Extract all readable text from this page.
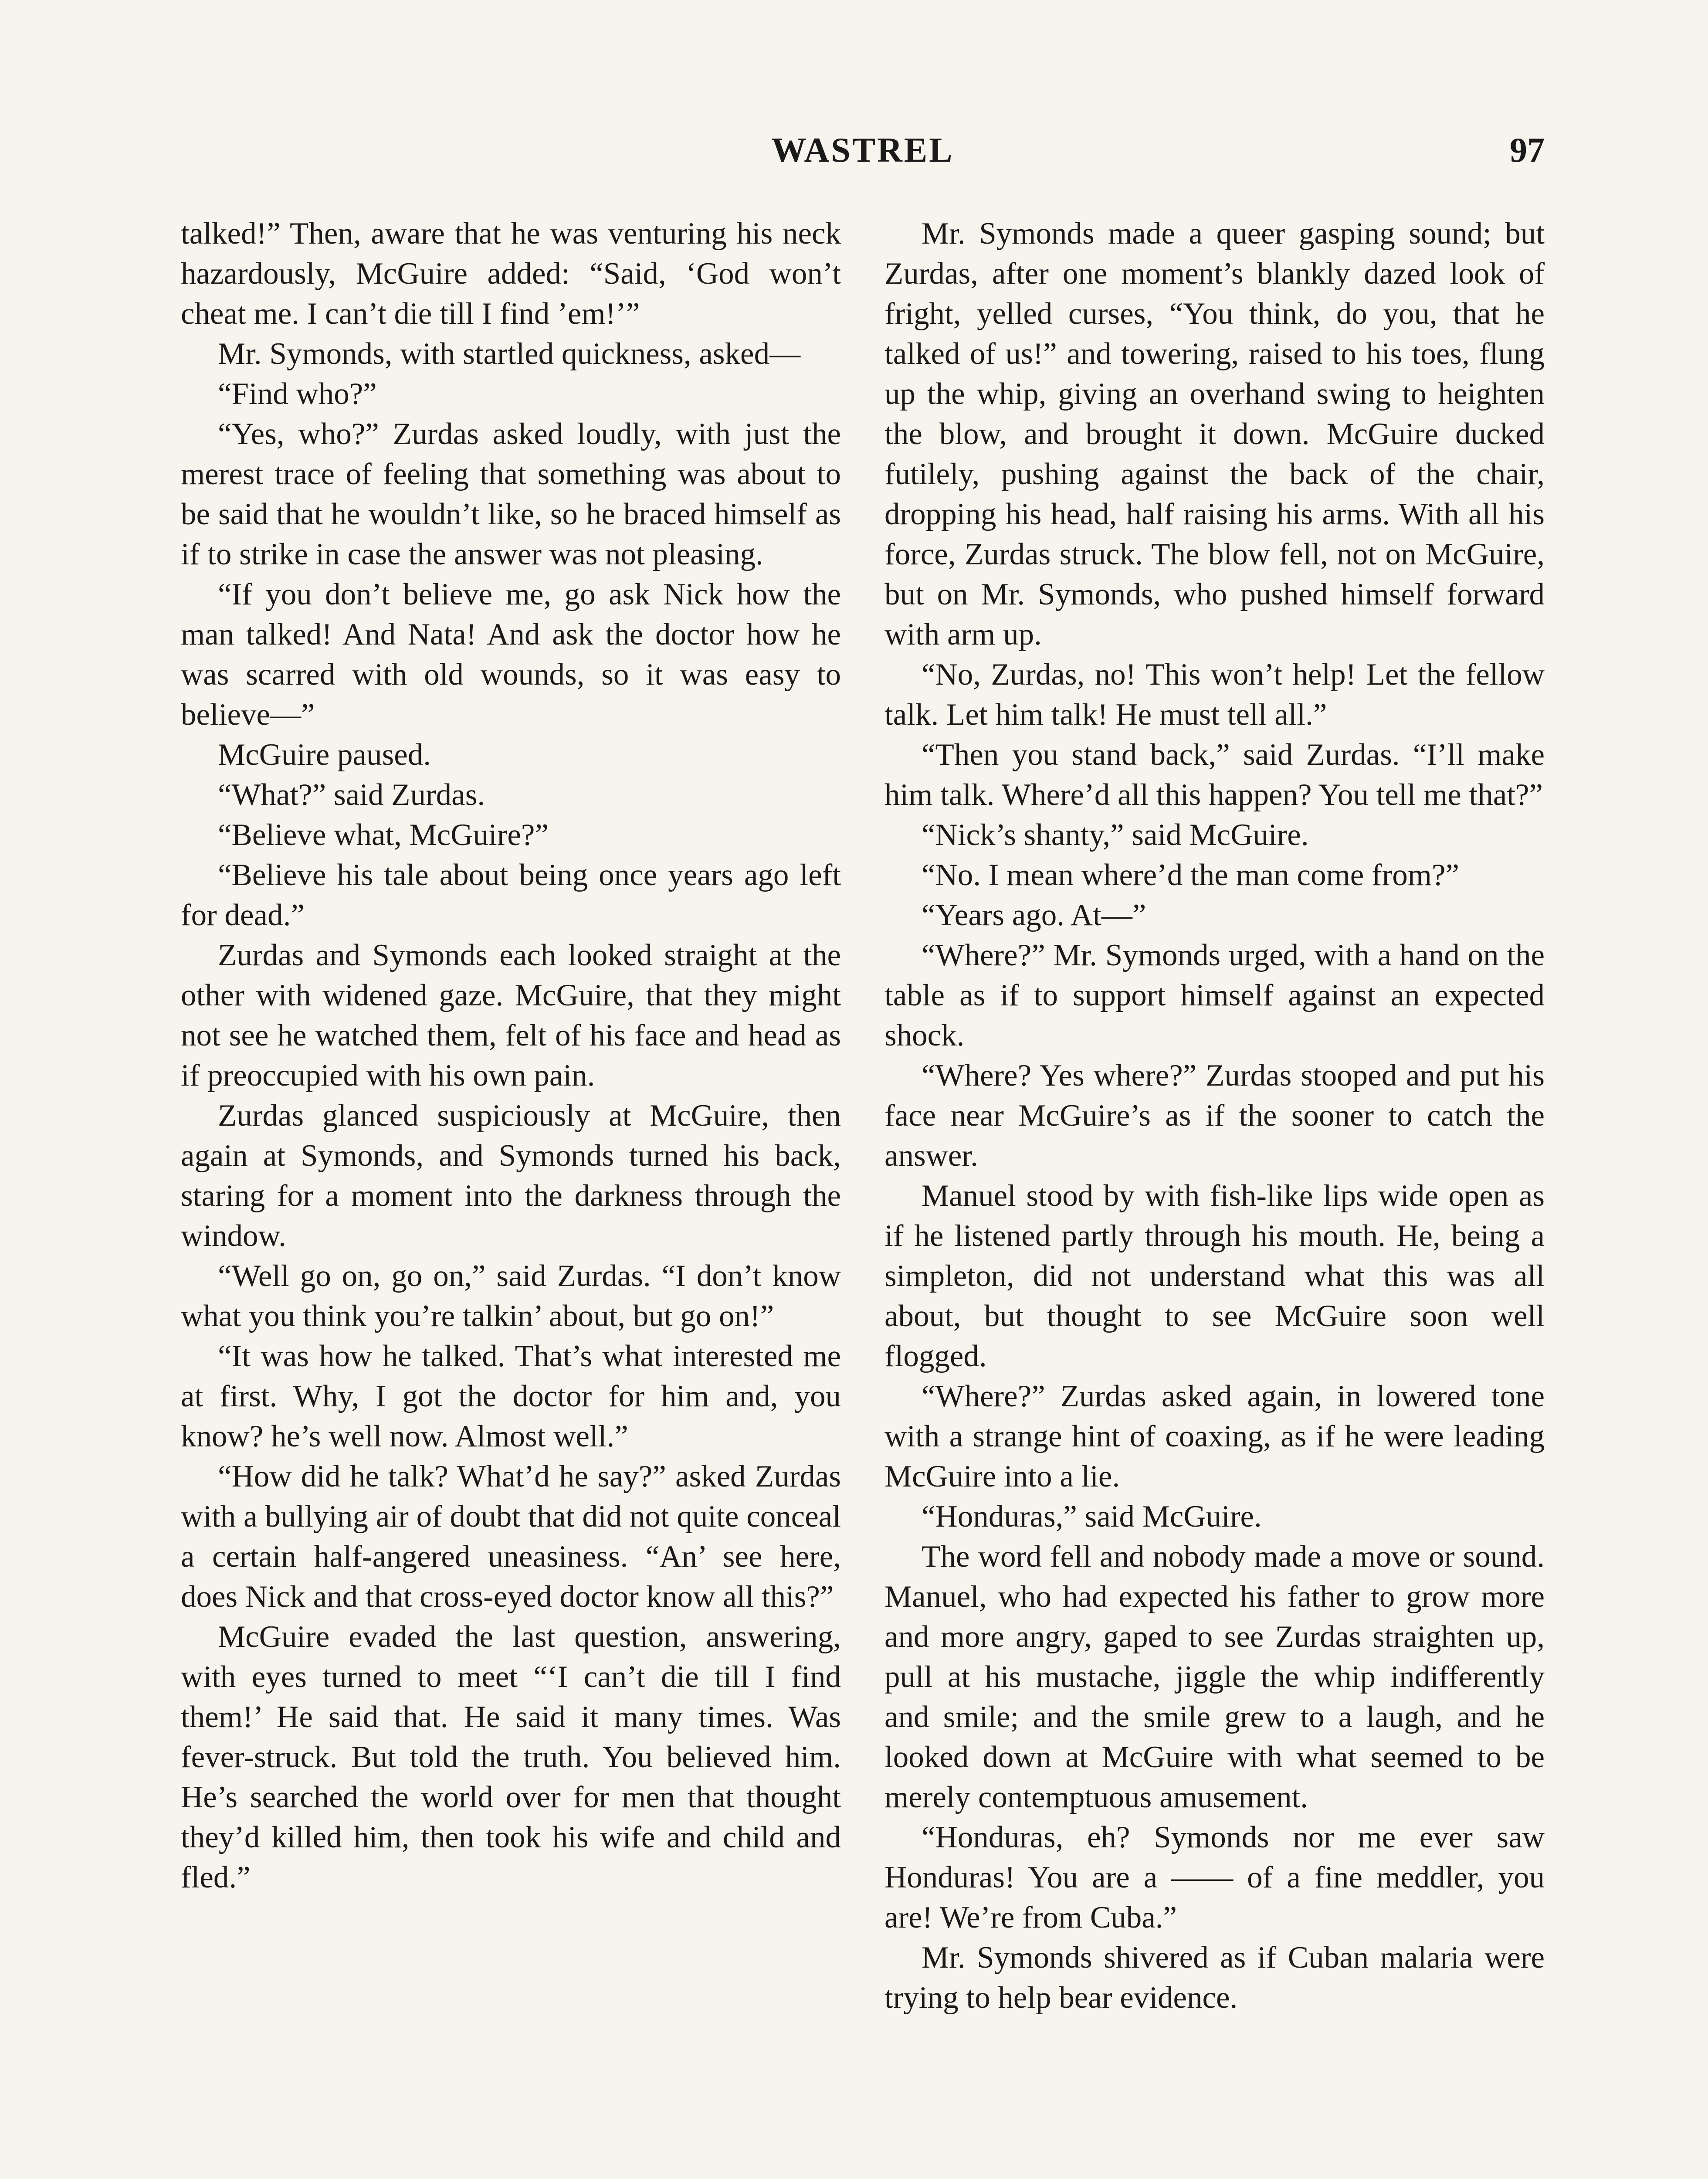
WASTREL	97

talked!” Then, aware that he was venturing his neck hazardously, McGuire added: “Said, ‘God won’t cheat me. I can’t die till I find ’em!’”

Mr. Symonds, with startled quickness, asked—

“Find who?”

“Yes, who?” Zurdas asked loudly, with just the merest trace of feeling that something was about to be said that he wouldn’t like, so he braced himself as if to strike in case the answer was not pleasing.

“If you don’t believe me, go ask Nick how the man talked! And Nata! And ask the doctor how he was scarred with old wounds, so it was easy to believe—”

McGuire paused.

“What?” said Zurdas.

“Believe what, McGuire?”

“Believe his tale about being once years ago left for dead.”

Zurdas and Symonds each looked straight at the other with widened gaze. McGuire, that they might not see he watched them, felt of his face and head as if preoccupied with his own pain.

Zurdas glanced suspiciously at McGuire, then again at Symonds, and Symonds turned his back, staring for a moment into the darkness through the window.

“Well go on, go on,” said Zurdas. “I don’t know what you think you’re talkin’ about, but go on!”

“It was how he talked. That’s what interested me at first. Why, I got the doctor for him and, you know? he’s well now. Almost well.”

“How did he talk? What’d he say?” asked Zurdas with a bullying air of doubt that did not quite conceal a certain half-angered uneasiness. “An’ see here, does Nick and that cross-eyed doctor know all this?”

McGuire evaded the last question, answering, with eyes turned to meet “‘I can’t die till I find them!’ He said that. He said it many times. Was fever-struck. But told the truth. You believed him. He’s searched the world over for men that thought they’d killed him, then took his wife and child and fled.”

Mr. Symonds made a queer gasping sound; but Zurdas, after one moment’s blankly dazed look of fright, yelled curses, “You think, do you, that he talked of us!” and towering, raised to his toes, flung up the whip, giving an overhand swing to heighten the blow, and brought it down. McGuire ducked futilely, pushing against the back of the chair, dropping his head, half raising his arms. With all his force, Zurdas struck. The blow fell, not on McGuire, but on Mr. Symonds, who pushed himself forward with arm up.

“No, Zurdas, no! This won’t help! Let the fellow talk. Let him talk! He must tell all.”

“Then you stand back,” said Zurdas. “I’ll make him talk. Where’d all this happen? You tell me that?”

“Nick’s shanty,” said McGuire.

“No. I mean where’d the man come from?”

“Years ago. At—”

“Where?” Mr. Symonds urged, with a hand on the table as if to support himself against an expected shock.

“Where? Yes where?” Zurdas stooped and put his face near McGuire’s as if the sooner to catch the answer.

Manuel stood by with fish-like lips wide open as if he listened partly through his mouth. He, being a simpleton, did not understand what this was all about, but thought to see McGuire soon well flogged.

“Where?” Zurdas asked again, in lowered tone with a strange hint of coaxing, as if he were leading McGuire into a lie.

“Honduras,” said McGuire.

The word fell and nobody made a move or sound. Manuel, who had expected his father to grow more and more angry, gaped to see Zurdas straighten up, pull at his mustache, jiggle the whip indifferently and smile; and the smile grew to a laugh, and he looked down at McGuire with what seemed to be merely contemptuous amusement.

“Honduras, eh? Symonds nor me ever saw Honduras! You are a —— of a fine meddler, you are! We’re from Cuba.”

Mr. Symonds shivered as if Cuban malaria were trying to help bear evidence.
